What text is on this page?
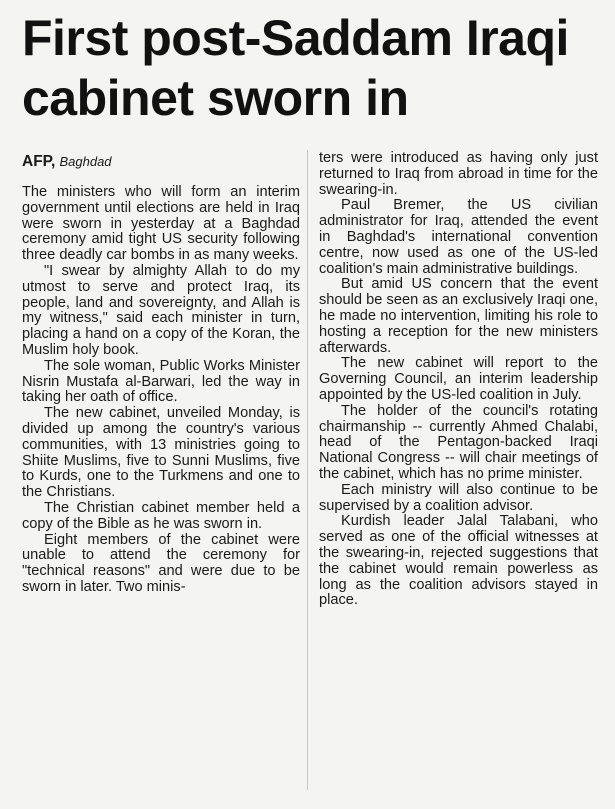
First post-Saddam Iraqi
cabinet sworn in
AFP, Baghdad

The ministers who will form an interim government until elections are held in Iraq were sworn in yesterday at a Baghdad ceremony amid tight US security following three deadly car bombs in as many weeks.

"I swear by almighty Allah to do my utmost to serve and protect Iraq, its people, land and sovereignty, and Allah is my witness," said each minister in turn, placing a hand on a copy of the Koran, the Muslim holy book.

The sole woman, Public Works Minister Nisrin Mustafa al-Barwari, led the way in taking her oath of office.

The new cabinet, unveiled Monday, is divided up among the country's various communities, with 13 ministries going to Shiite Muslims, five to Sunni Muslims, five to Kurds, one to the Turkmens and one to the Christians.

The Christian cabinet member held a copy of the Bible as he was sworn in.

Eight members of the cabinet were unable to attend the ceremony for "technical reasons" and were due to be sworn in later. Two minis-

ters were introduced as having only just returned to Iraq from abroad in time for the swearing-in.

Paul Bremer, the US civilian administrator for Iraq, attended the event in Baghdad's international convention centre, now used as one of the US-led coalition's main administrative buildings.

But amid US concern that the event should be seen as an exclusively Iraqi one, he made no intervention, limiting his role to hosting a reception for the new ministers afterwards.

The new cabinet will report to the Governing Council, an interim leadership appointed by the US-led coalition in July.

The holder of the council's rotating chairmanship -- currently Ahmed Chalabi, head of the Pentagon-backed Iraqi National Congress -- will chair meetings of the cabinet, which has no prime minister.

Each ministry will also continue to be supervised by a coalition advisor.

Kurdish leader Jalal Talabani, who served as one of the official witnesses at the swearing-in, rejected suggestions that the cabinet would remain powerless as long as the coalition advisors stayed in place.
